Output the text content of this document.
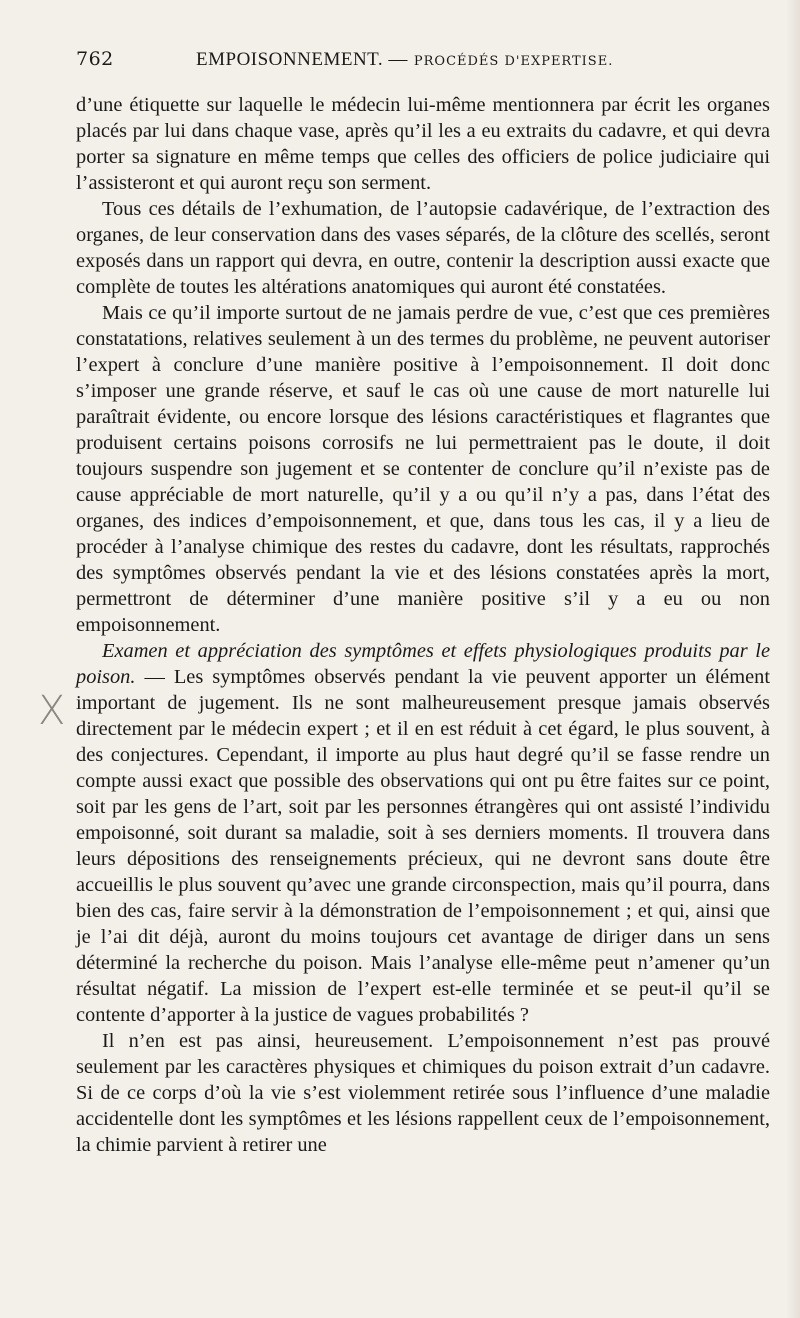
762	EMPOISONNEMENT. — PROCÉDÉS D'EXPERTISE.

d’une étiquette sur laquelle le médecin lui-même mentionnera par écrit les organes placés par lui dans chaque vase, après qu’il les a eu extraits du cadavre, et qui devra porter sa signature en même temps que celles des officiers de police judiciaire qui l’assisteront et qui auront reçu son serment.

Tous ces détails de l’exhumation, de l’autopsie cadavérique, de l’extraction des organes, de leur conservation dans des vases séparés, de la clôture des scellés, seront exposés dans un rapport qui devra, en outre, contenir la description aussi exacte que complète de toutes les altérations anatomiques qui auront été constatées.

Mais ce qu’il importe surtout de ne jamais perdre de vue, c’est que ces premières constatations, relatives seulement à un des termes du problème, ne peuvent autoriser l’expert à conclure d’une manière positive à l’empoisonnement. Il doit donc s’imposer une grande réserve, et sauf le cas où une cause de mort naturelle lui paraîtrait évidente, ou encore lorsque des lésions caractéristiques et flagrantes que produisent certains poisons corrosifs ne lui permettraient pas le doute, il doit toujours suspendre son jugement et se contenter de conclure qu’il n’existe pas de cause appréciable de mort naturelle, qu’il y a ou qu’il n’y a pas, dans l’état des organes, des indices d’empoisonnement, et que, dans tous les cas, il y a lieu de procéder à l’analyse chimique des restes du cadavre, dont les résultats, rapprochés des symptômes observés pendant la vie et des lésions constatées après la mort, permettront de déterminer d’une manière positive s’il y a eu ou non empoisonnement.

Examen et appréciation des symptômes et effets physiologiques produits par le poison. — Les symptômes observés pendant la vie peuvent apporter un élément important de jugement. Ils ne sont malheureusement presque jamais observés directement par le médecin expert ; et il en est réduit à cet égard, le plus souvent, à des conjectures. Cependant, il importe au plus haut degré qu’il se fasse rendre un compte aussi exact que possible des observations qui ont pu être faites sur ce point, soit par les gens de l’art, soit par les personnes étrangères qui ont assisté l’individu empoisonné, soit durant sa maladie, soit à ses derniers moments. Il trouvera dans leurs dépositions des renseignements précieux, qui ne devront sans doute être accueillis le plus souvent qu’avec une grande circonspection, mais qu’il pourra, dans bien des cas, faire servir à la démonstration de l’empoisonnement ; et qui, ainsi que je l’ai dit déjà, auront du moins toujours cet avantage de diriger dans un sens déterminé la recherche du poison. Mais l’analyse elle-même peut n’amener qu’un résultat négatif. La mission de l’expert est-elle terminée et se peut-il qu’il se contente d’apporter à la justice de vagues probabilités ?

Il n’en est pas ainsi, heureusement. L’empoisonnement n’est pas prouvé seulement par les caractères physiques et chimiques du poison extrait d’un cadavre. Si de ce corps d’où la vie s’est violemment retirée sous l’influence d’une maladie accidentelle dont les symptômes et les lésions rappellent ceux de l’empoisonnement, la chimie parvient à retirer une

X
